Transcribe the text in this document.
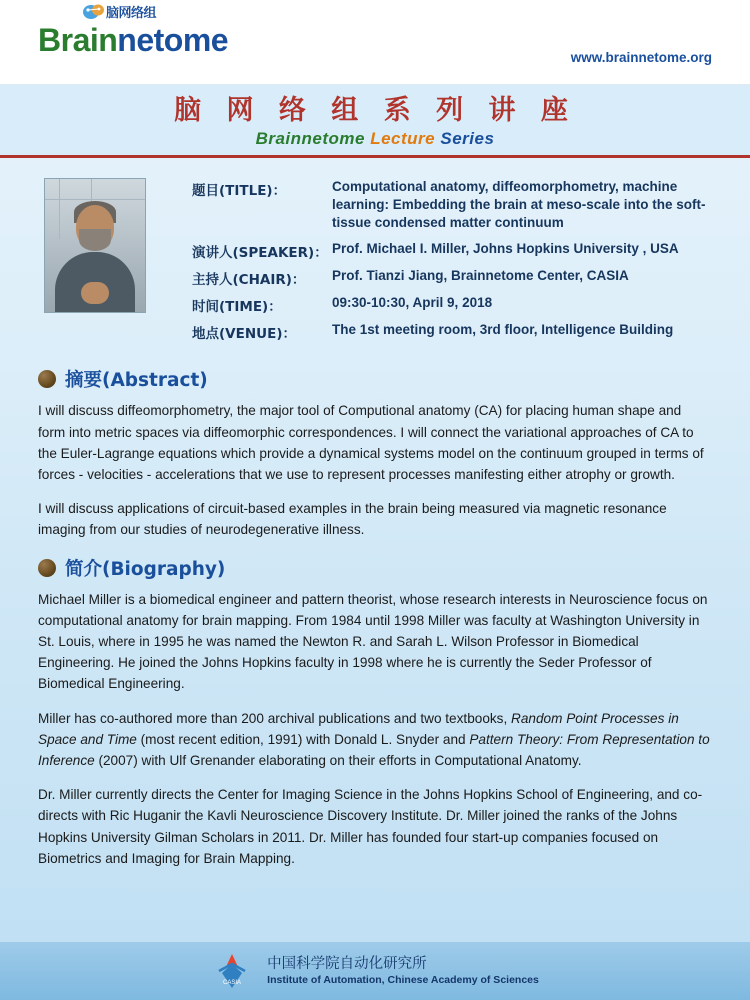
脑网络组
Brainnetome	www.brainnetome.org
脑 网 络 组 系 列 讲 座
Brainnetome Lecture Series
题目(TITLE)：	Computational anatomy, diffeomorphometry, machine learning: Embedding the brain at meso-scale into the soft-tissue condensed matter continuum
演讲人(SPEAKER)： Prof. Michael I. Miller, Johns Hopkins University , USA
主持人(CHAIR)：	Prof. Tianzi Jiang, Brainnetome Center, CASIA
时间(TIME)：	09:30-10:30, April 9, 2018
地点(VENUE)：	The 1st meeting room, 3rd floor, Intelligence Building
摘要(Abstract)

I will discuss diffeomorphometry, the major tool of Computional anatomy (CA) for placing human shape and form into metric spaces via diffeomorphic correspondences. I will connect the variational approaches of CA to the Euler-Lagrange equations which provide a dynamical systems model on the continuum grouped in terms of forces - velocities - accelerations that we use to represent processes manifesting either atrophy or growth.

I will discuss applications of circuit-based examples in the brain being measured via magnetic resonance imaging from our studies of neurodegenerative illness.

简介(Biography)

Michael Miller is a biomedical engineer and pattern theorist, whose research interests in Neuroscience focus on computational anatomy for brain mapping. From 1984 until 1998 Miller was faculty at Washington University in St. Louis, where in 1995 he was named the Newton R. and Sarah L. Wilson Professor in Biomedical Engineering. He joined the Johns Hopkins faculty in 1998 where he is currently the Seder Professor of Biomedical Engineering.

Miller has co-authored more than 200 archival publications and two textbooks, Random Point Processes in Space and Time (most recent edition, 1991) with Donald L. Snyder and Pattern Theory: From Representation to Inference (2007) with Ulf Grenander elaborating on their efforts in Computational Anatomy.

Dr. Miller currently directs the Center for Imaging Science in the Johns Hopkins School of Engineering, and co-directs with Ric Huganir the Kavli Neuroscience Discovery Institute. Dr. Miller joined the ranks of the Johns Hopkins University Gilman Scholars in 2011. Dr. Miller has founded four start-up companies focused on Biometrics and Imaging for Brain Mapping.

CASIA
中国科学院自动化研究所
Institute of Automation, Chinese Academy of Sciences
